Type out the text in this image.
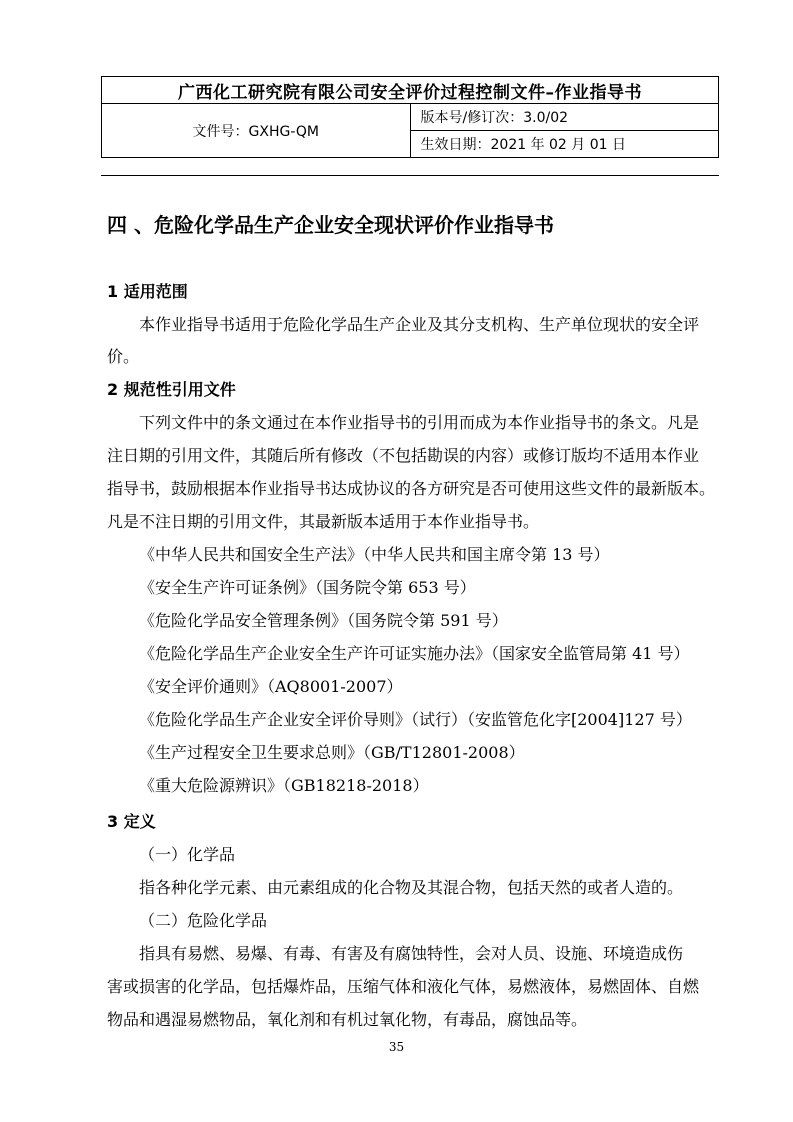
广西化工研究院有限公司安全评价过程控制文件–作业指导书
文件号：GXHG-QM	版本号/修订次：3.0/02
生效日期：2021 年 02 月 01 日
四 、危险化学品生产企业安全现状评价作业指导书
1 适用范围
本作业指导书适用于危险化学品生产企业及其分支机构、生产单位现状的安全评
价。
2 规范性引用文件
下列文件中的条文通过在本作业指导书的引用而成为本作业指导书的条文。凡是
注日期的引用文件，其随后所有修改（不包括勘误的内容）或修订版均不适用本作业
指导书，鼓励根据本作业指导书达成协议的各方研究是否可使用这些文件的最新版本。
凡是不注日期的引用文件，其最新版本适用于本作业指导书。
《中华人民共和国安全生产法》（中华人民共和国主席令第 13 号）
《安全生产许可证条例》（国务院令第 653 号）
《危险化学品安全管理条例》（国务院令第 591 号）
《危险化学品生产企业安全生产许可证实施办法》（国家安全监管局第 41 号）
《安全评价通则》（AQ8001-2007）
《危险化学品生产企业安全评价导则》（试行）（安监管危化字[2004]127 号）
《生产过程安全卫生要求总则》（GB/T12801-2008）
《重大危险源辨识》（GB18218-2018）
3 定义
（一）化学品
指各种化学元素、由元素组成的化合物及其混合物，包括天然的或者人造的。
（二）危险化学品
指具有易燃、易爆、有毒、有害及有腐蚀特性，会对人员、设施、环境造成伤
害或损害的化学品，包括爆炸品，压缩气体和液化气体，易燃液体，易燃固体、自燃
物品和遇湿易燃物品，氧化剂和有机过氧化物，有毒品，腐蚀品等。
35
